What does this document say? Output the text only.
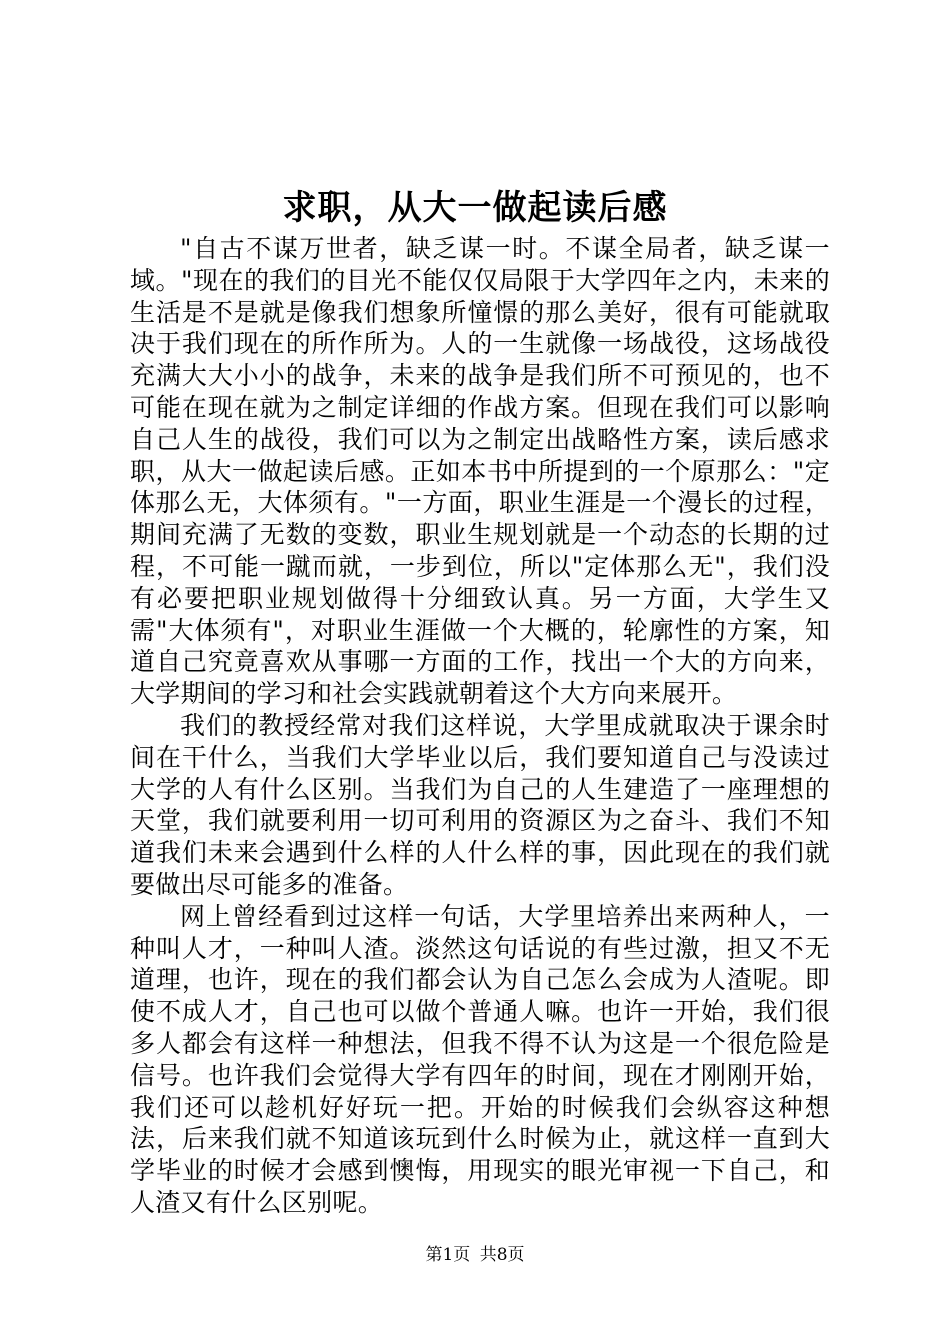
求职，从大一做起读后感

"自古不谋万世者，缺乏谋一时。不谋全局者，缺乏谋一域。"现在的我们的目光不能仅仅局限于大学四年之内，未来的生活是不是就是像我们想象所憧憬的那么美好，很有可能就取决于我们现在的所作所为。人的一生就像一场战役，这场战役充满大大小小的战争，未来的战争是我们所不可预见的，也不可能在现在就为之制定详细的作战方案。但现在我们可以影响自己人生的战役，我们可以为之制定出战略性方案，读后感求职，从大一做起读后感。正如本书中所提到的一个原那么："定体那么无，大体须有。"一方面，职业生涯是一个漫长的过程，期间充满了无数的变数，职业生规划就是一个动态的长期的过程，不可能一蹴而就，一步到位，所以"定体那么无"，我们没有必要把职业规划做得十分细致认真。另一方面，大学生又需"大体须有"，对职业生涯做一个大概的，轮廓性的方案，知道自己究竟喜欢从事哪一方面的工作，找出一个大的方向来，大学期间的学习和社会实践就朝着这个大方向来展开。

我们的教授经常对我们这样说，大学里成就取决于课余时间在干什么，当我们大学毕业以后，我们要知道自己与没读过大学的人有什么区别。当我们为自己的人生建造了一座理想的天堂，我们就要利用一切可利用的资源区为之奋斗、我们不知道我们未来会遇到什么样的人什么样的事，因此现在的我们就要做出尽可能多的准备。

网上曾经看到过这样一句话，大学里培养出来两种人，一种叫人才，一种叫人渣。淡然这句话说的有些过激，担又不无道理，也许，现在的我们都会认为自己怎么会成为人渣呢。即使不成人才，自己也可以做个普通人嘛。也许一开始，我们很多人都会有这样一种想法，但我不得不认为这是一个很危险是信号。也许我们会觉得大学有四年的时间，现在才刚刚开始，我们还可以趁机好好玩一把。开始的时候我们会纵容这种想法，后来我们就不知道该玩到什么时候为止，就这样一直到大学毕业的时候才会感到懊悔，用现实的眼光审视一下自己，和人渣又有什么区别呢。

第1页 共8页
